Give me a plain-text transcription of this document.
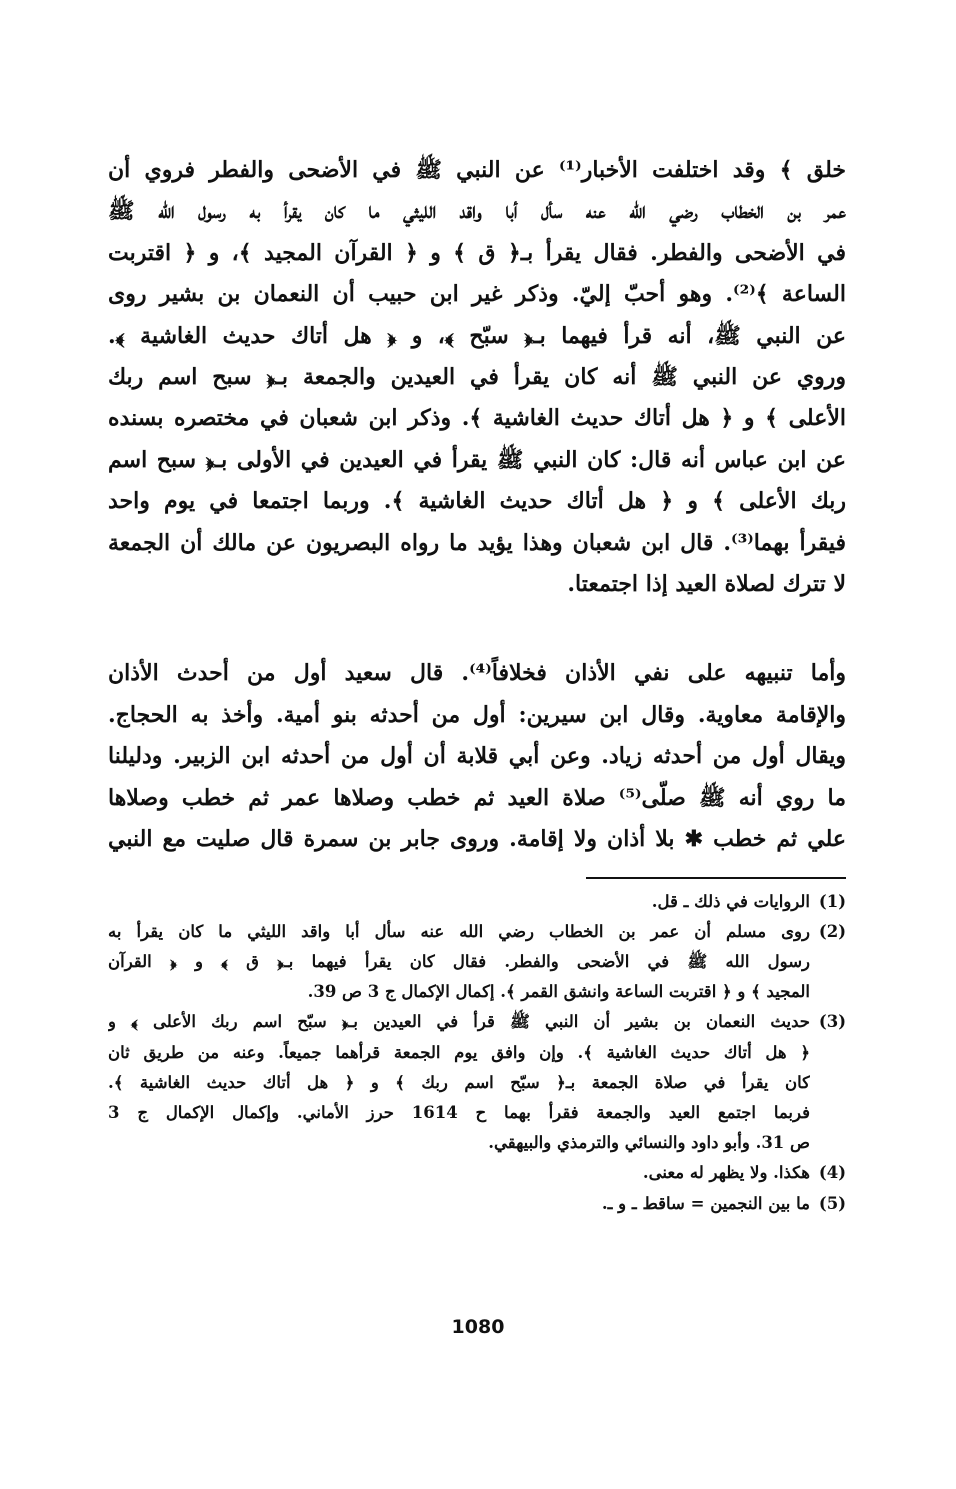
خلق ﴾ وقد اختلفت الأخبار⁽¹⁾ عن النبي ﷺ في الأضحى والفطر فروي أن
عمر بن الخطاب رضي الله عنه سأل أبا واقد الليثي ما كان يقرأ به رسول الله ﷺ
في الأضحى والفطر. فقال يقرأ بـ﴿ ق ﴾ و ﴿ القرآن المجيد ﴾، و ﴿ اقتربت
الساعة ﴾⁽²⁾. وهو أحبّ إليّ. وذكر غير ابن حبيب أن النعمان بن بشير روى
عن النبي ﷺ، أنه قرأ فيهما بـ﴿ سبّح ﴾، و ﴿ هل أتاك حديث الغاشية ﴾.
وروي عن النبي ﷺ أنه كان يقرأ في العيدين والجمعة بـ﴿ سبح اسم ربك
الأعلى ﴾ و ﴿ هل أتاك حديث الغاشية ﴾. وذكر ابن شعبان في مختصره بسنده
عن ابن عباس أنه قال: كان النبي ﷺ يقرأ في العيدين في الأولى بـ﴿ سبح اسم
ربك الأعلى ﴾ و ﴿ هل أتاك حديث الغاشية ﴾. وربما اجتمعا في يوم واحد
فيقرأ بهما⁽³⁾. قال ابن شعبان وهذا يؤيد ما رواه البصريون عن مالك أن الجمعة
لا تترك لصلاة العيد إذا اجتمعتا.
وأما تنبيهه على نفي الأذان فخلافاً⁽⁴⁾. قال سعيد أول من أحدث الأذان
والإقامة معاوية. وقال ابن سيرين: أول من أحدثه بنو أمية. وأخذ به الحجاج.
ويقال أول من أحدثه زياد. وعن أبي قلابة أن أول من أحدثه ابن الزبير. ودليلنا
ما روي أنه ﷺ صلّى⁽⁵⁾ صلاة العيد ثم خطب وصلاها عمر ثم خطب وصلاها
علي ثم خطب ✱ بلا أذان ولا إقامة. وروى جابر بن سمرة قال صليت مع النبي
(1)
الروايات في ذلك ـ قل.
(2)
روى مسلم أن عمر بن الخطاب رضي الله عنه سأل أبا واقد الليثي ما كان يقرأ به
رسول الله ﷺ في الأضحى والفطر. فقال كان يقرأ فيهما بـ﴿ ق ﴾ و ﴿ القرآن
المجيد ﴾ و ﴿ اقتربت الساعة وانشق القمر ﴾. إكمال الإكمال ج 3 ص 39.
(3)
حديث النعمان بن بشير أن النبي ﷺ قرأ في العيدين بـ﴿ سبّح اسم ربك الأعلى ﴾ و
﴿ هل أتاك حديث الغاشية ﴾. وإن وافق يوم الجمعة قرأهما جميعاً. وعنه من طريق ثان
كان يقرأ في صلاة الجمعة بـ﴿ سبّح اسم ربك ﴾ و ﴿ هل أتاك حديث الغاشية ﴾.
فربما اجتمع العيد والجمعة فقرأ بهما ح 1614 حرز الأماني. وإكمال الإكمال ج 3
ص 31. وأبو داود والنسائي والترمذي والبيهقي.
(4)
هكذا. ولا يظهر له معنى.
(5)
ما بين النجمين = ساقط ـ و ـ.
1080
